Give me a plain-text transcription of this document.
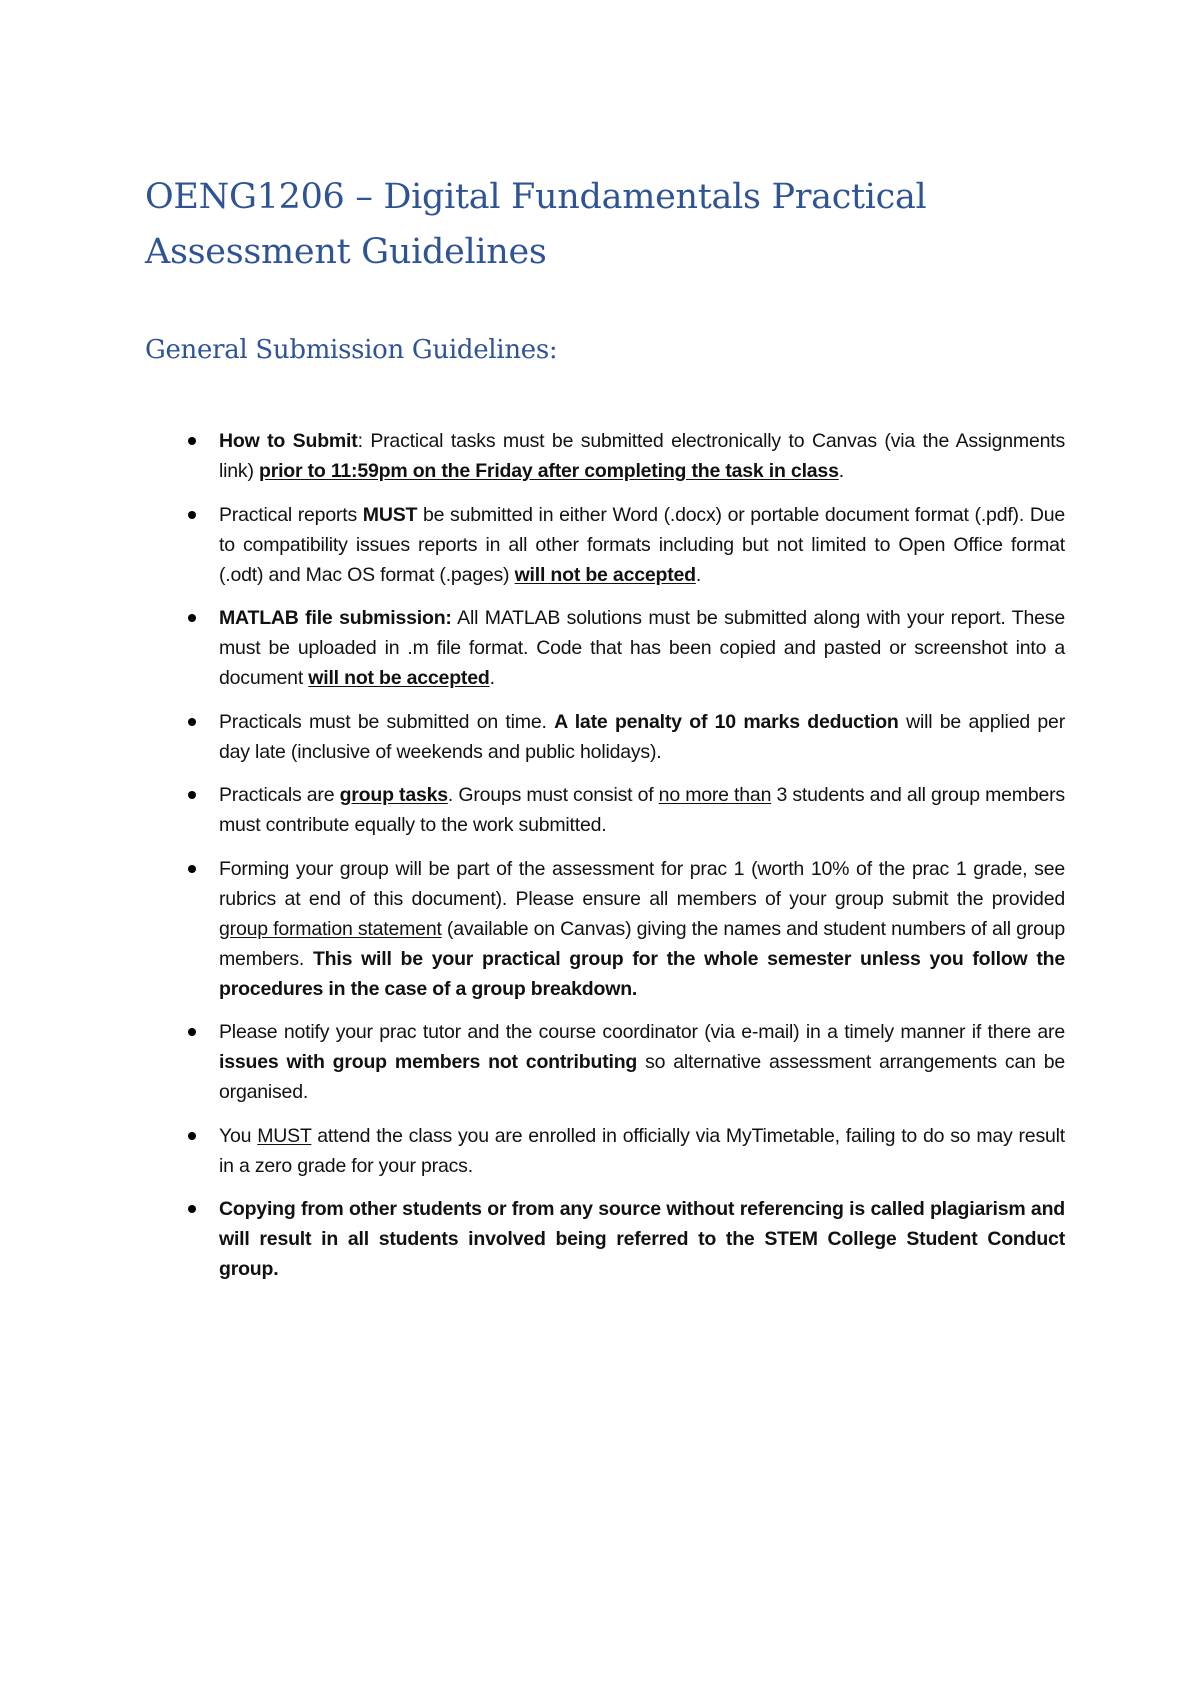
OENG1206 – Digital Fundamentals Practical Assessment Guidelines
General Submission Guidelines:
How to Submit: Practical tasks must be submitted electronically to Canvas (via the Assignments link) prior to 11:59pm on the Friday after completing the task in class.
Practical reports MUST be submitted in either Word (.docx) or portable document format (.pdf). Due to compatibility issues reports in all other formats including but not limited to Open Office format (.odt) and Mac OS format (.pages) will not be accepted.
MATLAB file submission: All MATLAB solutions must be submitted along with your report. These must be uploaded in .m file format. Code that has been copied and pasted or screenshot into a document will not be accepted.
Practicals must be submitted on time. A late penalty of 10 marks deduction will be applied per day late (inclusive of weekends and public holidays).
Practicals are group tasks. Groups must consist of no more than 3 students and all group members must contribute equally to the work submitted.
Forming your group will be part of the assessment for prac 1 (worth 10% of the prac 1 grade, see rubrics at end of this document). Please ensure all members of your group submit the provided group formation statement (available on Canvas) giving the names and student numbers of all group members. This will be your practical group for the whole semester unless you follow the procedures in the case of a group breakdown.
Please notify your prac tutor and the course coordinator (via e-mail) in a timely manner if there are issues with group members not contributing so alternative assessment arrangements can be organised.
You MUST attend the class you are enrolled in officially via MyTimetable, failing to do so may result in a zero grade for your pracs.
Copying from other students or from any source without referencing is called plagiarism and will result in all students involved being referred to the STEM College Student Conduct group.
